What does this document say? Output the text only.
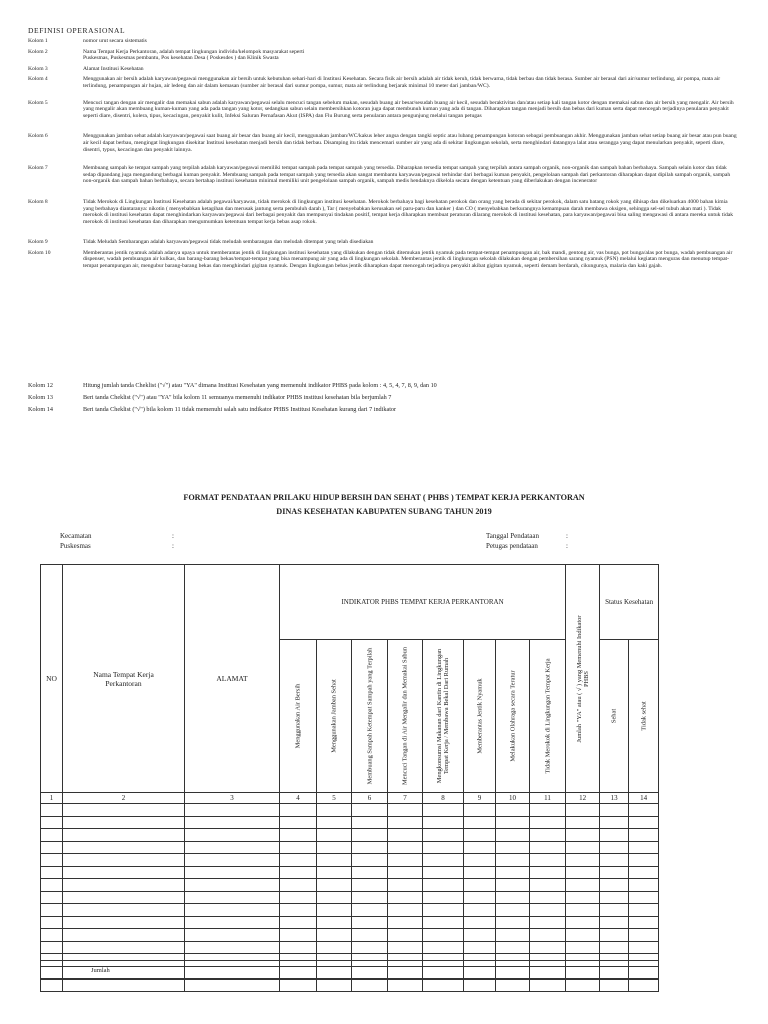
DEFINISI OPERASIONAL
Kolom 1	nomor urut secara sistematis
Kolom 2	Nama Tempat Kerja Perkantoran, adalah tempat lingkungan individu/kelompok masyarakat seperti
Puskesmas, Puskesmas pembantu, Pos kesehatan Desa ( Poskesdes ) dan Klinik Swasta
Kolom 3	Alamat Institusi Kesehatan
Kolom 4	Menggunakan air bersih adalah karyawan/pegawai menggunakan air bersih untuk kebutuhan sehari-hari di Institusi Kesehatan. Secara fisik air bersih adalah air tidak keruh, tidak berwarna, tidak berbau dan tidak berasa. Sumber air berasal dari air/sumur terlindung, air pompa, mata air terlindung, penampungan air hujan, air ledeng dan air dalam kemasan (sumber air berasal dari sumur pompa, sumur, mata air terlindung berjarak minimal 10 meter dari jamban/WC).
Kolom 5	Mencuci tangan dengan air mengalir dan memakai sabun adalah karyawan/pegawai selalu mencuci tangan sebelum makan, sesudah buang air besar/sesudah buang air kecil, sesudah beraktivitas dan/atau setiap kali tangan kotor dengan memakai sabun dan air bersih yang mengalir. Air bersih yang mengalir akan membuang kuman-kuman yang ada pada tangan yang kotor, sedangkan sabun selain membersihkan kotoran juga dapat membunuh kuman yang ada di tangan. Diharapkan tangan menjadi bersih dan bebas dari kuman serta dapat mencegah terjadinya penularan penyakit seperti diare, disentri, kolera, tipus, kecacingan, penyakit kulit, Infeksi Saluran Pernafasan Akut (ISPA) dan Flu Burung serta penularan antara pengunjung melalui tangan petugas
Kolom 6	Menggunakan jamban sehat adalah karyawan/pegawai saat buang air besar dan buang air kecil, menggunakan jamban/WC/kakus leher angsa dengan tangki septic atau lubang penampungan kotoran sebagai pembuangan akhir. Menggunakan jamban sehat setiap buang air besar atau pun buang air kecil dapat berbau, mengingat lingkungan disekitar Institusi kesehatan menjadi bersih dan tidak berbau. Disamping itu tidak mencemari sumber air yang ada di sekitar lingkungan sekolah, serta menghindari datangnya lalat atau serangga yang dapat menularkan penyakit, seperti diare, disentri, typus, kecacingan dan penyakit lainnya.
Kolom 7	Membuang sampah ke tempat sampah yang terpilah adalah karyawan/pegawai memiliki tempat sampah pada tempat sampah yang tersedia. Diharapkan tersedia tempat sampah yang terpilah antara sampah organik, non-organik dan sampah bahan berbahaya. Sampah selain kotor dan tidak sedap dipandang juga mengandung berbagai kuman penyakit. Membuang sampah pada tempat sampah yang tersedia akan sangat membantu karyawan/pegawai terhindar dari berbagai kuman penyakit, pengelolaan sampah dari perkantoran diharapkan dapat dipilah sampah organik, sampah non-organik dan sampah bahan berbahaya, secara bertahap institusi kesehatan minimal memiliki unit pengelolaan sampah organik, sampah medis hendaknya dikelola secara dengan ketentuan yang diberlakukan dengan incenerator
Kolom 8	Tidak Merokok di Lingkungan Institusi Kesehatan adalah pegawai/karyawan, tidak merokok di lingkungan institusi kesehatan. Merokok berbahaya bagi kesehatan perokok dan orang yang berada di sekitar perokok, dalam satu batang rokok yang dihisap dan dikeluarkan 4000 bahan kimia yang berbahaya diantaranya: nikotin ( menyebabkan ketagihan dan merusak jantung serta pembuluh darah ), Tar ( menyebabkan kerusakan sel paru-paru dan kanker ) dan CO ( menyebabkan berkurangnya kemampuan darah membawa oksigen, sehingga sel-sel tubuh akan mati ). Tidak merokok di institusi kesehatan dapat menghindarkan karyawan/pegawai dari berbagai penyakit dan mempunyai tindakan positif, tempat kerja diharapkan membuat peraturan dilarang merokok di institusi kesehatan, para karyawan/pegawai bisa saling mengawasi di antara mereka untuk tidak merokok di institusi kesehatan dan diharapkan mengumumkan ketentuan tempat kerja bebas asap rokok.
Kolom 9	Tidak Meludah Sembarangan adalah karyawan/pegawai tidak meludah sembarangan dan meludah ditempat yang telah disediakan
Kolom 10	Memberantas jentik nyamuk adalah adanya upaya untuk memberantas jentik di lingkungan institusi kesehatan yang dilakukan dengan tidak ditemukan jentik nyamuk pada tempat-tempat penampungan air, bak mandi, gentong air, vas bunga, pot bunga/alas pot bunga, wadah pembuangan air dispenser, wadah pembuangan air kulkas, dan barang-barang bekas/tempat-tempat yang bisa menampung air yang ada di lingkungan sekolah. Memberantas jentik di lingkungan sekolah dilakukan dengan pembersihan sarang nyamuk (PSN) melalui kegiatan menguras dan menutup tempat-tempat penampungan air, mengubur barang-barang bekas dan menghindari gigitan nyamuk. Dengan lingkungan bebas jentik diharapkan dapat mencegah terjadinya penyakit akibat gigitan nyamuk, seperti demam berdarah, cikungunya, malaria dan kaki gajah.
Kolom 12	Hitung jumlah tanda Cheklist ("√") atau "YA" dimana Institusi Kesehatan yang memenuhi indikator PHBS pada kolom : 4, 5, 4, 7, 8, 9, dan 10
Kolom 13	Beri tanda Cheklist ("√") atau "YA" bila kolom 11 semuanya memenuhi indikator PHBS institusi kesehatan bila berjumlah 7
Kolom 14	Beri tanda Cheklist ("√") bila kolom 11 tidak memenuhi salah satu indikator PHBS Institusi Kesehatan kurang dari 7 indikator
FORMAT PENDATAAN PRILAKU HIDUP BERSIH DAN SEHAT ( PHBS ) TEMPAT KERJA PERKANTORAN
DINAS KESEHATAN KABUPATEN SUBANG TAHUN 2019
Kecamatan	:
Puskesmas	:
Tanggal Pendataan	:
Petugas pendataan	:
NO	Nama Tempat Kerja Perkantoran	ALAMAT	INDIKATOR PHBS TEMPAT KERJA PERKANTORAN								Jumlah "YA" atau ( √ ) yang Memenuhi Indikator PHBS	Status Kesehatan	

			Menggunakan Air Bersih	Menggunakan Jamban Sehat	Membuang Sampah Ketempat Sampah yang Terpilah	Mencuci Tangan di Air Mengalir dan Memakai Sabun	Mengkonsumsi Makanan dari Kantin di Lingkungan Tempat Kerja / Membawa Bekal Dari Rumah	Memberantas Jentik Nyamuk	Melakukan Olahraga secara Teratur	Tidak Merokok di Lingkungan Tempat Kerja		Sehat	Tidak sehat

1	2	3	4	5	6	7	8	9	10	11	12	13	14

Jumlah												
